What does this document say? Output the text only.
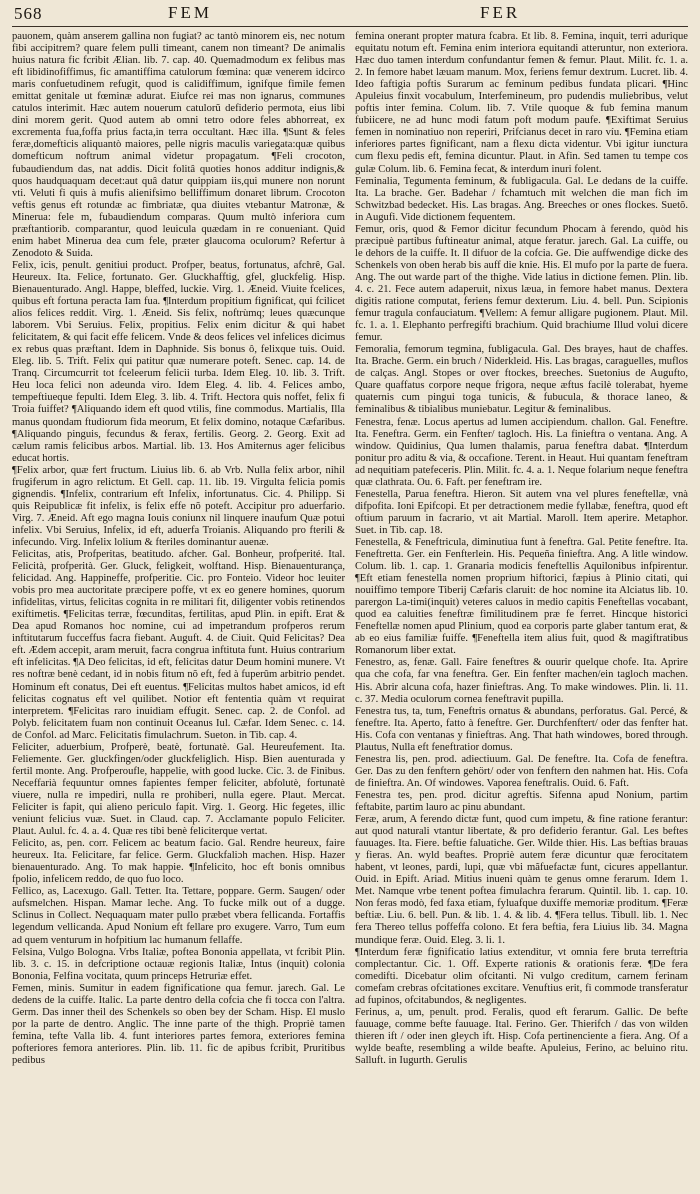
568	FEM	FER

pauonem, quàm anserem gallina non fugiat? ac tantò minorem eis, nec notum fibi accipitrem? quare felem pulli timeant, canem non timeant? De animalis huius natura fic fcribit Ælian. lib. 7. cap. 40. Quemadmodum ex felibus mas eft libidinofiffimus, fic amantiffima catulorum fœmina: quæ venerem idcirco maris confuetudinem refugit, quod is calidiffimum, ignifque fimile femen emittat genitale ut fœminæ adurat. Eiufce rei mas non ignarus, communes catulos interimit. Hæc autem nouerum catulorũ defiderio permota, eius libi dini morem gerit. Quod autem ab omni tetro odore feles abhorreat, ex excrementa fua,foffa prius facta,in terra occultant. Hæc illa. ¶Sunt & feles feræ,domefticis aliquantò maiores, pelle nigris maculis variegata:quæ quibus domefticum noftrum animal videtur propagatum. ¶Feli crocoton, fubaudiendum das, nat addis. Dicit folitâ quoties honos additur indignis,& quos haudquaquam decet:aut quâ datur quippiam iis,qui munere non norunt vti. Veluti fi quis à mufis alienifsimo belliffimum donaret librum. Crocoton veftis genus eft rotundæ ac fimbriatæ, qua diuites vtebantur Matronæ, & Minerua: fele m, fubaudiendum comparas. Quum multò inferiora cum præftantiorib. comparantur, quod leuicula quædam in re conueniant. Quid enim habet Minerua dea cum fele, præter glaucomа oculorum? Refertur à Zenodoto & Suida.

Felix, icis, penult. genitiui product. Profper, beatus, fortunatus, afchrê, Gal. Heureux. Ita. Felice, fortunato. Ger. Gluckhafftig, gfel, gluckfelig. Hisp. Bienauenturado. Angl. Happe, bleffed, luckie. Virg. 1. Æneid. Viuite fcelices, quibus eft fortuna peracta Iam fua. ¶Interdum propitium fignificat, qui fcilicet alios felices reddit. Virg. 1. Æneid. Sis felix, noftrùmq; leues quæcunque laborem. Vbi Seruius. Felix, propitius. Felix enim dicitur & qui habet felicitatem, & qui facit effe felicem. Vnde & deos felices vel infelices dicimus ex rebus quas præftant. Idem in Daphnide. Sis bonus ô, felixque tuis. Ouid. Eleg. lib. 5. Trift. Felix qui patitur quæ numerare poteft. Senec. cap. 14. de Tranq. Circumcurrit tot fceleerum felicii turba. Idem Eleg. 10. lib. 3. Trift. Heu loca felici non adeunda viro. Idem Eleg. 4. lib. 4. Felices ambo, tempeftiueque fepulti. Idem Eleg. 3. lib. 4. Trift. Hectora quis noffet, felix fi Troia fuiffet? ¶Aliquando idem eft quod vtilis, fine commodus. Martialis, Illa manus quondam ftudiorum fida meorum, Et felix domino, notaque Cæfaribus. ¶Aliquando pinguis, fecundus & ferax, fertilis. Georg. 2. Georg. Exit ad cælum ramis felicibus arbos. Martial. lib. 13. Hos Amiternus ager felicibus educat hortis.

¶Felix arbor, quæ fert fructum. Liuius lib. 6. ab Vrb. Nulla felix arbor, nihil frugiferum in agro relictum. Et Gell. cap. 11. lib. 19. Virgulta felicia pomis gignendis. ¶Infelix, contrarium eft Infelix, infortunatus. Cic. 4. Philipp. Si quis Reipublicæ fit infelix, is felix effe nõ poteft. Accipitur pro aduerfario. Virg. 7. Æneid. Aft ego magna Iouis coniunx nil linquere inaufum Quæ potui infelix. Vbi Seruius, Infelix, id eft, aduerfa Troianis. Aliquando pro fterili & infecundo. Virg. Infelix lolium & fteriles dominantur auenæ.

Felicitas, atis, Profperitas, beatitudo. afcher. Gal. Bonheur, profperité. Ital. Felicità, profperità. Ger. Gluck, feligkeit, wolftand. Hisp. Bienauenturança, felicidad. Ang. Happineffe, profperitie. Cic. pro Fonteio. Videor hoc leuiter vobis pro mea auctoritate præcipere poffe, vt ex eo genere homines, quorum infidelitas, virtus, felicitas cognita in re militari fit, diligenter vobis retinendos exiftimetis. ¶Felicitas terræ, fœcunditas, fertilitas, apud Plin. in epift. Erat & Dea apud Romanos hoc nomine, cui ad impetrandum profperos rerum inftitutarum fucceffus facra fiebant. Auguft. 4. de Ciuit. Quid Felicitas? Dea eft. Ædem accepit, aram meruit, facra congrua inftituta funt. Huius contrarium eft infelicitas. ¶A Deo felicitas, id eft, felicitas datur Deum homini munere. Vt res noftræ benè cedant, id in nobis fitum nõ eft, fed à fuperûm arbitrio pendet. Hominum eft conatus, Dei eft euentus. ¶Felicitas multos habet amicos, id eft felicitas cognatus eft vel quilibet. Notior eft fententia quàm vt requirat interpretem. ¶Felicitas raro inuidiam effugit. Senec. cap. 2. de Confol. ad Polyb. felicitatem fuam non continuit Oceanus Iul. Cæfar. Idem Senec. c. 14. de Confol. ad Marc. Felicitatis fimulachrum. Sueton. in Tib. cap. 4.

Feliciter, aduerbium, Profperè, beatè, fortunatè. Gal. Heureufement. Ita. Feliemente. Ger. gluckfingen/oder gluckfeliglich. Hisp. Bien auenturada y fertil monte. Ang. Profperoufle, happelie, with good lucke. Cic. 3. de Finibus. Neceffarià fequuntur omnes fapientes femper feliciter, abfolutè, fortunatè viuere, nulla re impediri, nulla re prohiberi, nulla egere. Plaut. Mercat. Feliciter is fapit, qui alieno periculo fapit. Virg. 1. Georg. Hic fegetes, illic veniunt felicius vuæ. Suet. in Claud. cap. 7. Acclamante populo Feliciter. Plaut. Aulul. fc. 4. a. 4. Quæ res tibi benè feliciterque vertat.

Felicito, as, pen. corr. Felicem ac beatum facio. Gal. Rendre heureux, faire heureux. Ita. Felicitare, far felice. Germ. Gluckfaliɔh machen. Hisp. Hazer bienauenturado. Ang. To mak happie. ¶Infelicito, hoc eft bonis omnibus fpolio, infelicem reddo, de quo fuo loco.

Fellico, as, Lacexugo. Gall. Tetter. Ita. Tettare, poppare. Germ. Saugen/ oder aufsmelchen. Hispan. Mamar leche. Ang. To fucke milk out of a dugge. Sclinus in Collect. Nequaquam mater pullo præbet vbera fellicanda. Fortaffis legendum vellicanda. Apud Nonium eft fellare pro exugere. Varro, Tum eum ad quem venturum in hofpitium lac humanum fellaffe.

Felsina, Vulgo Bologna. Vrbs Italiæ, poftea Bononia appellata, vt fcribit Plin. lib. 3. c. 15. in defcriptione octauæ regionis Italiæ, Intus (inquit) colonia Bononia, Felfina vocitata, quum princeps Hetruriæ effet.

Femen, minis. Sumitur in eadem fignificatione qua femur. jarech. Gal. Le dedens de la cuiffe. Italic. La parte dentro della cofcia che fi tocca con l'altra. Germ. Das inner theil des Schenkels so oben bey der Scham. Hisp. El muslo por la parte de dentro. Anglic. The inne parte of the thigh. Propriè tamen femina, tefte Valla lib. 4. funt interiores partes femora, exteriores femina pofteriores femorа anteriores. Plin. lib. 11. fic de apibus fcribit, Pruritibus pedibus

femina onerant propter maturа fcabra. Et lib. 8. Femina, inquit, terri adurique equitatu notum eft. Femina enim interiora equitandi atteruntur, non exteriora. Hæc duo tamen interdum confundantur femen & femur. Plaut. Milit. fc. 1. a. 2. In femore habet læuam manum. Mox, feriens femur dextrum. Lucret. lib. 4. Ideo faftigia poftis Surarum ac feminum pedibus fundata plicari. ¶Hinc Apuleius finxit vocabulum, Interfeminеum, pro pudendis muliebribus, velut poftis inter femina. Colum. lib. 7. Vtile quoque & fub femina manum fubiicere, ne ad hunc modi fatum poft modum paufe. ¶Exiftimat Seruius femen in nominatiuo non reperiri, Prifcianus decet in raro víu. ¶Femina etiam inferiores partes fignificant, nam a flexu dicta videntur. Vbi igitur iuncturа cum flexu pedis eft, femina dicuntur. Plaut. in Afin. Sed tamen tu tempe cos gulæ Colum. lib. 6. Femina fecat, & interdum inuri folent.

Feminalia, Tegumenta feminum, & fubligacula. Gal. Le dedans de la cuiffe. Ita. La brache. Ger. Badehar / fchamtuch mit welchen die man fich im Schwitzbad bedecket. His. Las bragas. Ang. Breeches or ones flockes. Suetõ. in Augufi. Vide dictionem fequentem.

Femur, oris, quod & Femor dicitur fecundum Phocam à ferendo, quòd his præcipuè partibus fuftineatur animal, atque feratur. jarech. Gal. La cuiffe, ou le dehors de la cuiffe. It. Il difuor de la cofcia. Ge. Die auffwendige dicke des Schenkels von oben herab bis auff die knie. His. El mufo por la parte de fuera. Ang. The out warde part of the thighe. Vide latius in dictione femen. Plin. lib. 4. c. 21. Fece autem adaperuit, nixus læua, in femore habet manus. Dextera digitis ratione computat, feriens femur dexterum. Liu. 4. bell. Pun. Scipionis femur tragula confauciatum. ¶Vellem: A femur alligare pugionem. Plaut. Mil. fc. 1. a. 1. Elephanto perfregifti brachium. Quid brachiumе Illud volui dicere femur.

Femoralia, femorum tegmina, fubligacula. Gal. Des brayes, haut de chaffes. Ita. Brache. Germ. ein bruch / Niderkleid. His. Las bragas, caraguelles, muflos de calças. Angl. Stopes or over ftockes, breeches. Suetonius de Augufto, Quare quaffatus corpore neque frigora, neque æftus facilè tolerabat, hyeme quaternis cum pingui toga tunicis, & fubucula, & thorace laneo, & feminalibus & tibialibus muniebatur. Legitur & feminalibus.

Fenestra, fenæ. Locus apertus ad lumen accipiendum. challon. Gal. Feneftre. Ita. Feneftra. Germ. ein Fenfter/ tagloch. His. La finieftra o ventana. Ang. A window. Quidinius, Qua lumen thalamis, parua feneftra dabat. ¶Interdum ponitur pro aditu & via, & occafione. Terent. in Heaut. Hui quantam feneftram ad nequitiam patefeceris. Plin. Milit. fc. 4. a. 1. Neque folarium neque feneftra quæ clathrata. Ou. 6. Faft. per feneftram ire.

Fenestella, Parua feneftra. Hieron. Sit autem vna vel plures feneftellæ, vnà difpofita. Ioni Epifcopi. Et per detractionem medie fyllabæ, feneftra, quod eft oftium paruum in facrario, vt ait Martial. Maroll. Item aperire. Metaphor. Suet. in Tib. cap. 18.

Fenestella, & Feneftricula, diminutiua funt à feneftra. Gal. Petite feneftre. Ita. Feneftretta. Ger. ein Fenfterlein. His. Pequeña finieftra. Ang. A litle window. Colum. lib. 1. cap. 1. Granaria modicis feneftellis Aquilonibus infpirentur. ¶Eft etiam fenestella nomen proprium hiftorici, fæpius à Plinio citati, qui nouiffimo tempore Tiberij Cæfaris claruit: de hoc nomine ita Alciatus lib. 10. parergon La-timi(inquit) veteres caluos in medio capitis Feneftellas vocabant, quod ea caluities feneftræ fimilitudinem præ fe ferret. Hincque historici Feneftellæ nomen apud Plinium, quod ea corporis parte glaber tantum erat, & ab eo eius familiæ fuiffe. ¶Feneftella item alius fuit, quod & magiftratibus Romanorum liber extat.

Fenestro, as, fenæ. Gall. Faire feneftres & ouurir quelque chofe. Ita. Aprire qua che cofa, far vna feneftra. Ger. Ein fenfter machen/ein tagloch machen. His. Abrir alcuna cofa, hazer finieftras. Ang. To make windowes. Plin. li. 11. c. 37. Media oculorum cornea feneftravit pupilla.

Fenestra tus, ta, tum, Feneftris ornatus & abundans, perforatus. Gal. Percé, & feneftre. Ita. Aperto, fatto à feneftre. Ger. Durchfenftert/ oder das fenfter hat. His. Cofa con ventanas y finieftras. Ang. That hath windowes, bored through. Plautus, Nulla eft feneftratior domus.

Fenestra lis, pen. prod. adiectiuum. Gal. De feneftre. Ita. Cofa de feneftra. Ger. Das zu den fenftern gehört/ oder von fenftern den nahmen hat. His. Cofa de finieftra. An. Of windowes. Vaporea feneftralis. Ouid. 6. Faft.

Fenestra tes, pen. prod. dicitur agreftis. Sifenna apud Nonium, partim feftabite, partim lauro ac pinu abundant.

Feræ, arum, A ferendo dictæ funt, quod cum impetu, & fine ratione ferantur: aut quod naturali vtantur libertate, & pro defiderio ferantur. Gal. Les beftes fauuages. Ita. Fiere. beftie faluatiche. Ger. Wilde thier. His. Las beftias brauas y fieras. An. wyld beaftes. Propriè autem feræ dicuntur quæ ferocitatem habent, vt leones, pardi, lupi, quæ vbi mãfuefactæ funt, cicures appellantur. Ouid. in Epift. Ariad. Mitius inueni quàm te genus omne ferarum. Idem 1. Met. Namque vrbe tenent poftea fimulachra ferarum. Quintil. lib. 1. cap. 10. Non feras modò, fed faxa etiam, fyluafque duxiffe memoriæ proditum. ¶Feræ beftiæ. Liu. 6. bell. Pun. & lib. 1. 4. & lib. 4. ¶Fera tellus. Tibull. lib. 1. Nec fera Thereo tellus poffeffa colono. Et fera beftia, fera Liuius lib. 34. Magna mundique feræ. Ouid. Eleg. 3. li. 1.

¶Interdum feræ fignificatio latius extenditur, vt omnia fere bruta terreftria complectantur. Cic. 1. Off. Experte rationis & orationis feræ. ¶De fera comedifti. Dicebatur olim ofcitanti. Ni vulgo creditum, carnem ferinam comefam crebras ofcitationes excitare. Venuftius erit, fi commode transferatur ad fupinos, ofcitabundos, & negligentes.

Ferinus, a, um, penult. prod. Feralis, quod eft ferarum. Gallic. De befte fauuage, comme befte fauuage. Ital. Ferino. Ger. Thierifch / das von wilden thieren ift / oder inen gleych ift. Hisp. Cofa pertinenciente a fiera. Ang. Of a wylde beafte, resembling a wilde beafte. Apuleius, Ferino, ac beluino ritu. Salluft. in Iugurth. Gerulis
